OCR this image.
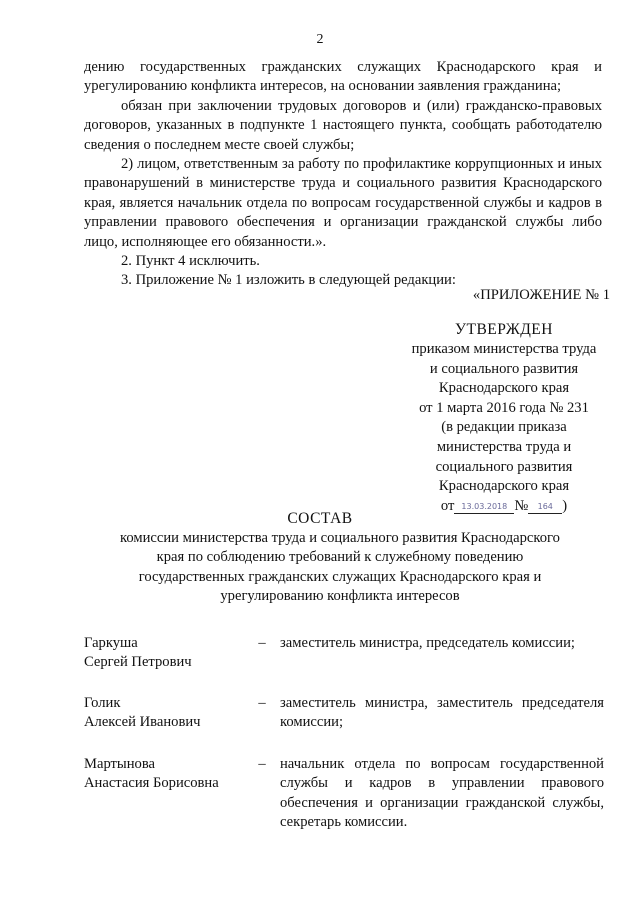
2

дению государственных гражданских служащих Краснодарского края и урегулированию конфликта интересов, на основании заявления гражданина;

обязан при заключении трудовых договоров и (или) гражданско-правовых договоров, указанных в подпункте 1 настоящего пункта, сообщать работодателю сведения о последнем месте своей службы;

2) лицом, ответственным за работу по профилактике коррупционных и иных правонарушений в министерстве труда и социального развития Краснодарского края, является начальник отдела по вопросам государственной службы и кадров в управлении правового обеспечения и организации гражданской службы либо лицо, исполняющее его обязанности.».

2. Пункт 4 исключить.

3. Приложение № 1 изложить в следующей редакции:

«ПРИЛОЖЕНИЕ № 1
УТВЕРЖДЕН
приказом министерства труда
и социального развития
Краснодарского края
от 1 марта 2016 года № 231
(в редакции приказа
министерства труда и
социального развития
Краснодарского края
от 13.03.2018 № 164 )
СОСТАВ
комиссии министерства труда и социального развития Краснодарского края по соблюдению требований к служебному поведению государственных гражданских служащих Краснодарского края и урегулированию конфликта интересов
Гаркуша
Сергей Петрович
– заместитель министра, председатель комиссии;
Голик
Алексей Иванович
– заместитель министра, заместитель председателя комиссии;
Мартынова
Анастасия Борисовна
– начальник отдела по вопросам государственной службы и кадров в управлении правового обеспечения и организации гражданской службы, секретарь комиссии.
